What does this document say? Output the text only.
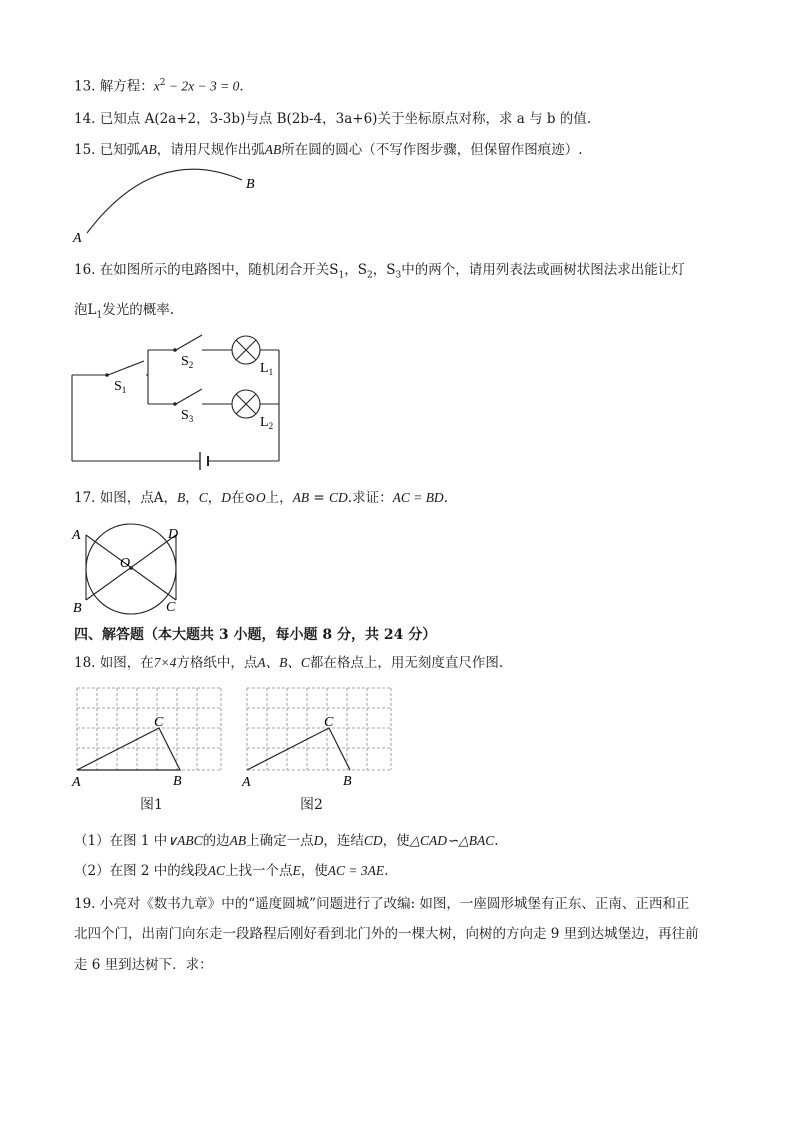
13. 解方程：$x^2 - 2x - 3 = 0$.
14. 已知点 A(2a+2，3-3b)与点 B(2b-4，3a+6)关于坐标原点对称，求 a 与 b 的值.
15. 已知弧AB，请用尺规作出弧AB所在圆的圆心（不写作图步骤，但保留作图痕迹）.
A
B
16. 在如图所示的电路图中，随机闭合开关$S_1$，$S_2$，$S_3$中的两个，请用列表法或画树状图法求出能让灯
泡$L_1$发光的概率.
$S_1$
$S_2$
$S_3$
$L_1$
$L_2$
17. 如图，点A，B，C，D在⊙O上，AB = CD.求证：AC = BD.
A	D
O
B	C
四、解答题（本大题共 3 小题，每小题 8 分，共 24 分）
18. 如图，在7×4方格纸中，点A、B、C都在格点上，用无刻度直尺作图.
A	B
C
图1
A	B
C
图2
（1）在图 1 中∨ABC的边AB上确定一点D，连结CD，使△CAD∽△BAC.
（2）在图 2 中的线段AC上找一个点E，使AC = 3AE.
19. 小亮对《数书九章》中的“遥度圆城”问题进行了改编: 如图，一座圆形城堡有正东、正南、正西和正
北四个门，出南门向东走一段路程后刚好看到北门外的一棵大树，向树的方向走 9 里到达城堡边，再往前
走 6 里到达树下．求：
